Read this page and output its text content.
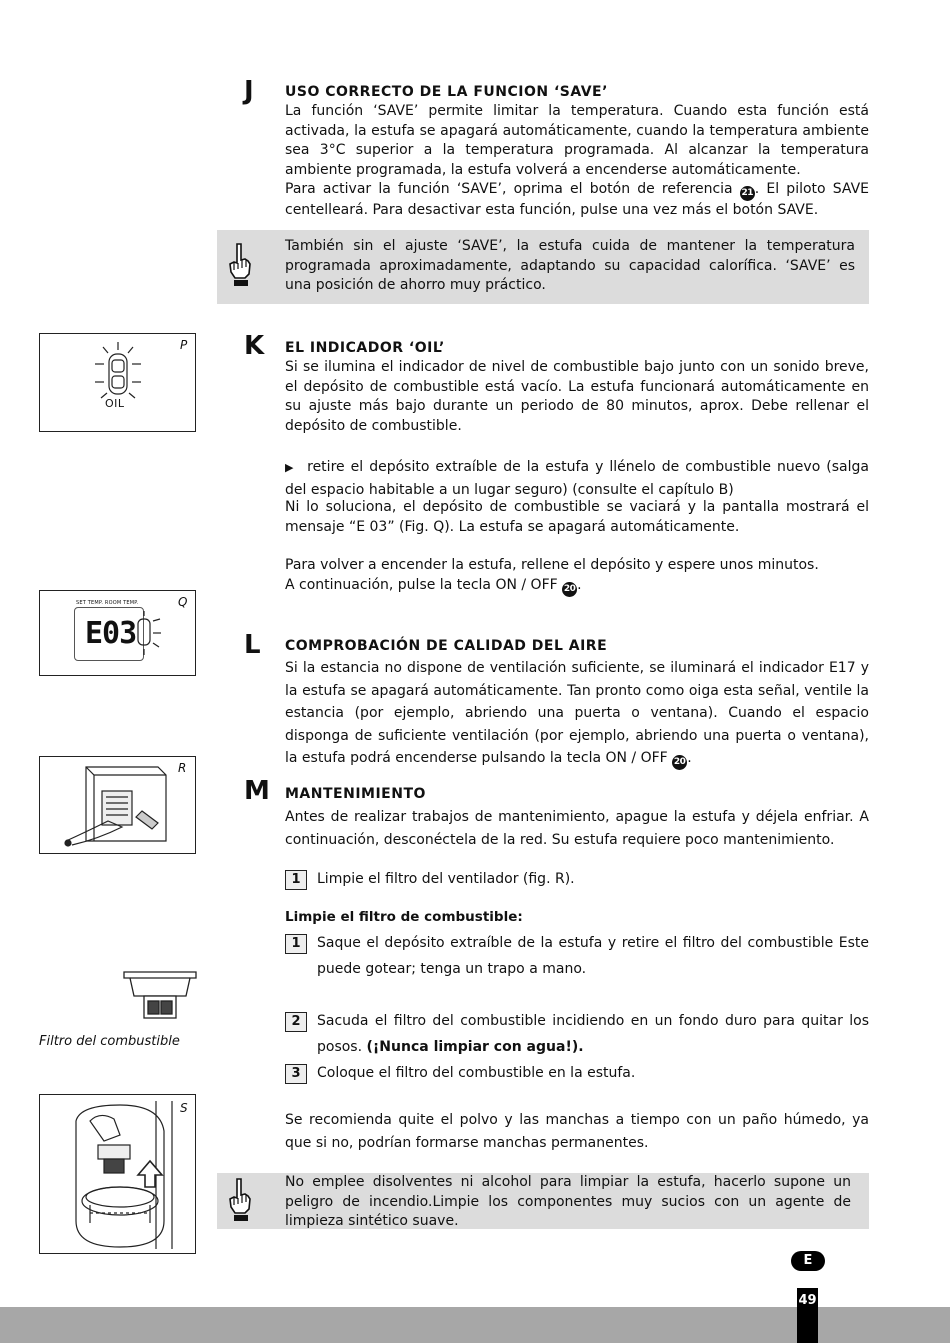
J USO CORRECTO DE LA FUNCION ‘SAVE’
La función ‘SAVE’ permite limitar la temperatura. Cuando esta función está activada, la estufa se apagará automáticamente, cuando la temperatura ambiente sea 3°C superior a la temperatura programada. Al alcanzar la temperatura ambiente programada, la estufa volverá a encenderse automáticamente.
Para activar la función ‘SAVE’, oprima el botón de referencia 21 . El piloto SAVE centelleará. Para desactivar esta función, pulse una vez más el botón SAVE.
También sin el ajuste ‘SAVE’, la estufa cuida de mantener la temperatura programada aproximadamente, adaptando su capacidad calorífica. ‘SAVE’ es una posición de ahorro muy práctico.
P
OIL
K EL INDICADOR ‘OIL’
Si se ilumina el indicador de nivel de combustible bajo junto con un sonido breve, el depósito de combustible está vacío. La estufa funcionará automáticamente en su ajuste más bajo durante un periodo de 80 minutos, aprox. Debe rellenar el depósito de combustible.
▶ retire el depósito extraíble de la estufa y llénelo de combustible nuevo (salga del espacio habitable a un lugar seguro) (consulte el capítulo B)
Ni lo soluciona, el depósito de combustible se vaciará y la pantalla mostrará el mensaje “E 03” (Fig. Q). La estufa se apagará automáticamente.
Para volver a encender la estufa, rellene el depósito y espere unos minutos.
A continuación, pulse la tecla ON / OFF 20 .
Q
SET TEMP. ROOM TEMP.
E03	L COMPROBACIÓN DE CALIDAD DEL AIRE
Si la estancia no dispone de ventilación suficiente, se iluminará el indicador E17 y la estufa se apagará automáticamente. Tan pronto como oiga esta señal, ventile la estancia (por ejemplo, abriendo una puerta o ventana). Cuando el espacio disponga de suficiente ventilación (por ejemplo, abriendo una puerta o ventana), la estufa podrá encenderse pulsando la tecla ON / OFF 20 .
R
M MANTENIMIENTO
Antes de realizar trabajos de mantenimiento, apague la estufa y déjela enfriar. A continuación, desconéctela de la red. Su estufa requiere poco mantenimiento.
1	Limpie el filtro del ventilador (fig. R).
Limpie el filtro de combustible:
1	Saque el depósito extraíble de la estufa y retire el filtro del combustible Este puede gotear; tenga un trapo a mano.
2	Sacuda el filtro del combustible incidiendo en un fondo duro para quitar los posos. (¡Nunca limpiar con agua!).
3	Coloque el filtro del combustible en la estufa.
Se recomienda quite el polvo y las manchas a tiempo con un paño húmedo, ya que si no, podrían formarse manchas permanentes.
No emplee disolventes ni alcohol para limpiar la estufa, hacerlo supone un peligro de incendio.Limpie los componentes muy sucios con un agente de limpieza sintético suave.
Filtro del combustible
S
E
49
